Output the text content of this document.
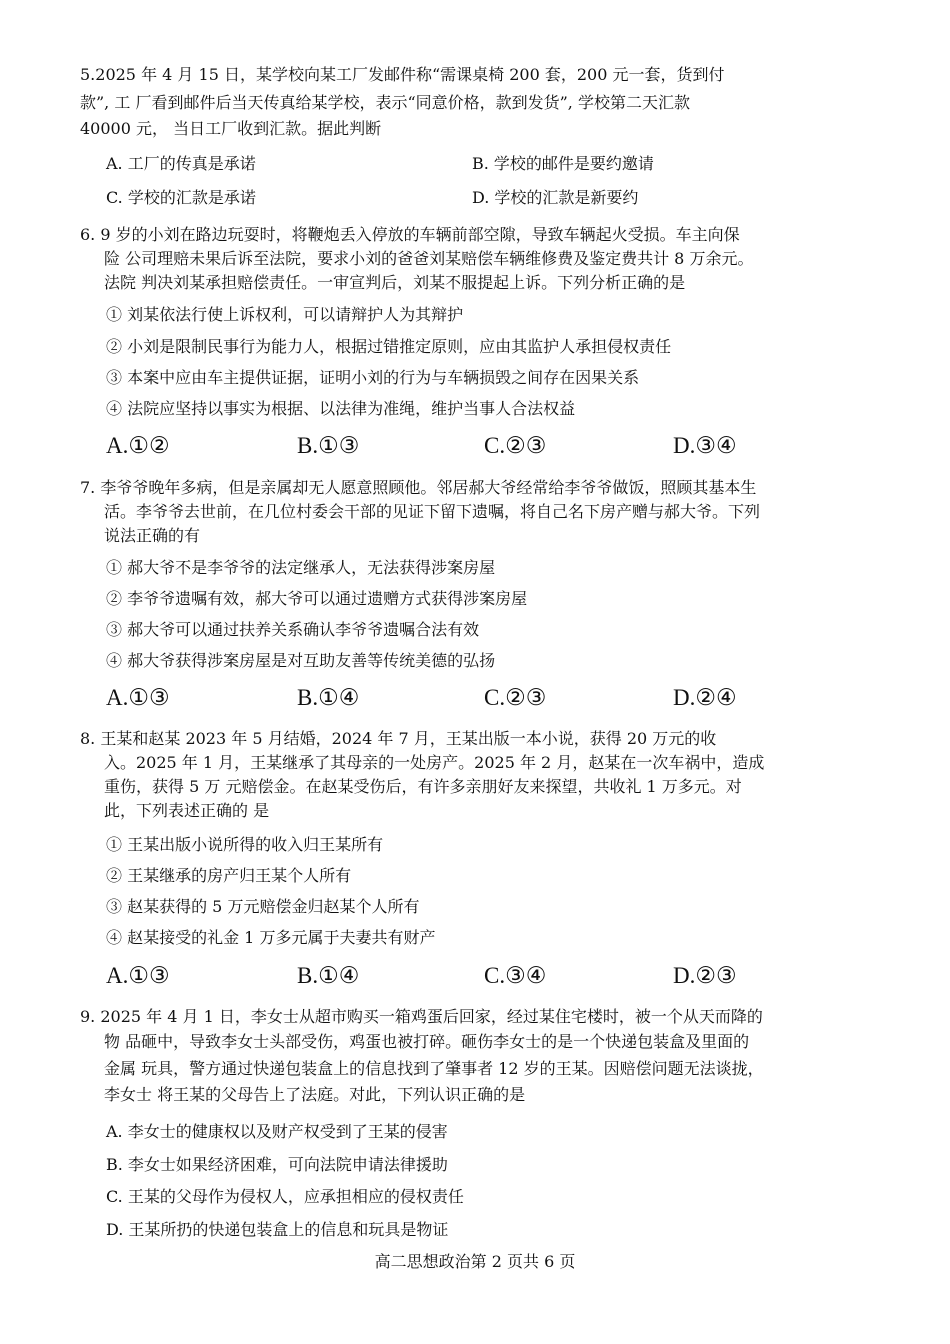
5.2025 年 4 月 15 日，某学校向某工厂发邮件称“需课桌椅 200 套，200 元一套，货到付
款”, 工 厂看到邮件后当天传真给某学校，表示“同意价格，款到发货”, 学校第二天汇款
40000 元， 当日工厂收到汇款。据此判断
A. 工厂的传真是承诺	B. 学校的邮件是要约邀请
C. 学校的汇款是承诺	D. 学校的汇款是新要约
6. 9 岁的小刘在路边玩耍时，将鞭炮丢入停放的车辆前部空隙，导致车辆起火受损。车主向保
险 公司理赔未果后诉至法院，要求小刘的爸爸刘某赔偿车辆维修费及鉴定费共计 8 万余元。
法院 判决刘某承担赔偿责任。一审宣判后，刘某不服提起上诉。下列分析正确的是
① 刘某依法行使上诉权利，可以请辩护人为其辩护
② 小刘是限制民事行为能力人，根据过错推定原则，应由其监护人承担侵权责任
③ 本案中应由车主提供证据，证明小刘的行为与车辆损毁之间存在因果关系
④ 法院应坚持以事实为根据、以法律为准绳，维护当事人合法权益
A.①②	B.①③	C.②③	D.③④
7. 李爷爷晚年多病，但是亲属却无人愿意照顾他。邻居郝大爷经常给李爷爷做饭，照顾其基本生
活。李爷爷去世前，在几位村委会干部的见证下留下遗嘱，将自己名下房产赠与郝大爷。下列
说法正确的有
① 郝大爷不是李爷爷的法定继承人，无法获得涉案房屋
② 李爷爷遗嘱有效，郝大爷可以通过遗赠方式获得涉案房屋
③ 郝大爷可以通过扶养关系确认李爷爷遗嘱合法有效
④ 郝大爷获得涉案房屋是对互助友善等传统美德的弘扬
A.①③	B.①④	C.②③	D.②④
8. 王某和赵某 2023 年 5 月结婚，2024 年 7 月，王某出版一本小说，获得 20 万元的收
入。2025 年 1 月，王某继承了其母亲的一处房产。2025 年 2 月，赵某在一次车祸中，造成
重伤，获得 5 万 元赔偿金。在赵某受伤后，有许多亲朋好友来探望，共收礼 1 万多元。对
此，下列表述正确的 是
① 王某出版小说所得的收入归王某所有
② 王某继承的房产归王某个人所有
③ 赵某获得的 5 万元赔偿金归赵某个人所有
④ 赵某接受的礼金 1 万多元属于夫妻共有财产
A.①③	B.①④	C.③④	D.②③
9. 2025 年 4 月 1 日，李女士从超市购买一箱鸡蛋后回家，经过某住宅楼时，被一个从天而降的
物 品砸中，导致李女士头部受伤，鸡蛋也被打碎。砸伤李女士的是一个快递包装盒及里面的
金属 玩具，警方通过快递包装盒上的信息找到了肇事者 12 岁的王某。因赔偿问题无法谈拢，
李女士 将王某的父母告上了法庭。对此，下列认识正确的是
A. 李女士的健康权以及财产权受到了王某的侵害
B. 李女士如果经济困难，可向法院申请法律援助
C. 王某的父母作为侵权人，应承担相应的侵权责任
D. 王某所扔的快递包装盒上的信息和玩具是物证
高二思想政治第 2 页共 6 页
